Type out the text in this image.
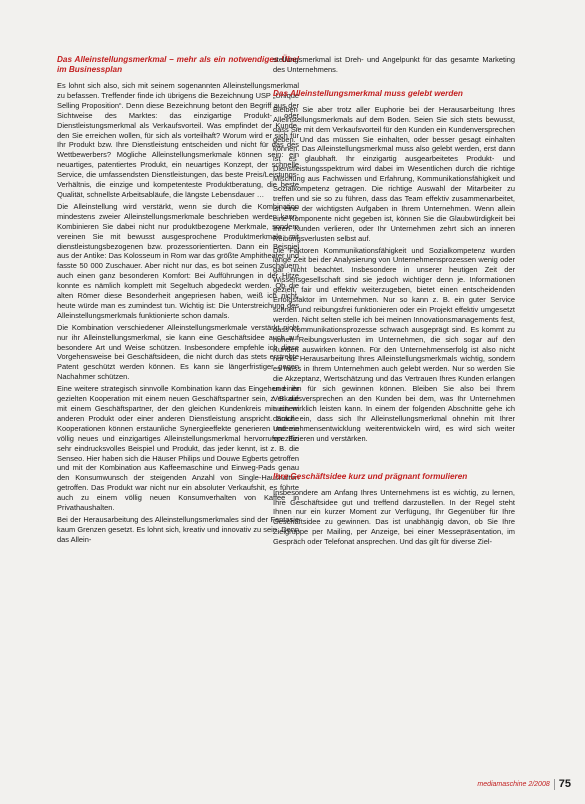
Das Alleinstellungsmerkmal – mehr als ein notwendiges Übel im Businessplan

Es lohnt sich also, sich mit seinem sogenannten Alleinstellungsmerkmal zu befassen. Treffender finde ich übrigens die Bezeichnung USP „Unique Selling Proposition“. Denn diese Bezeichnung betont den Begriff aus der Sichtweise des Marktes: das einzigartige Produkt- oder Dienstleistungsmerkmal als Verkaufsvorteil. Was empfindet der Kunde, den Sie erreichen wollen, für sich als vorteilhaft? Worum wird er sich für Ihr Produkt bzw. Ihre Dienstleistung entscheiden und nicht für das des Wettbewerbers? Mögliche Alleinstellungsmerkmale können sein: ein neuartiges, patentiertes Produkt, ein neuartiges Konzept, der schnelle Service, die umfassendsten Dienstleistungen, das beste Preis/Leistungs-Verhältnis, die einzige und kompetenteste Produktberatung, die beste Qualität, schnellste Arbeitsabläufe, die längste Lebensdauer …

Die Alleinstellung wird verstärkt, wenn sie durch die Kombination mindestens zweier Alleinstellungsmerkmale beschrieben werden kann. Kombinieren Sie dabei nicht nur produktbezogene Merkmale, sondern vereinen Sie mit bewusst ausgesprochene Produktmerkmale mit dienstleistungsbezogenen bzw. prozessorientierten. Dann ein Beispiel aus der Antike: Das Kolosseum in Rom war das größte Amphitheater und fasste 50 000 Zuschauer. Aber nicht nur das, es bot seinen Zuschauern auch einen ganz besonderen Komfort: Bei Aufführungen in der Hitze konnte es nämlich komplett mit Segeltuch abgedeckt werden. Ob die alten Römer diese Besonderheit angepriesen haben, weiß ich nicht, heute würde man es zumindest tun. Wichtig ist: Die Unterstreichung des Alleinstellungsmerkmals funktionierte schon damals.

Die Kombination verschiedener Alleinstellungsmerkmale verstärkt nicht nur ihr Alleinstellungsmerkmal, sie kann eine Geschäftsidee auch auf besondere Art und Weise schützen. Insbesondere empfehle ich diese Vorgehensweise bei Geschäftsideen, die nicht durch das stets erstrebte Patent geschützt werden können. Es kann sie längerfristiger gegen Nachahmer schützen.

Eine weitere strategisch sinnvolle Kombination kann das Eingehen einer gezielten Kooperation mit einem neuen Geschäftspartner sein, z. B. die mit einem Geschäftspartner, der den gleichen Kundenkreis mit einem anderen Produkt oder einer anderen Dienstleistung anspricht. Solche Kooperationen können erstaunliche Synergieeffekte generieren und ein völlig neues und einzigartiges Alleinstellungsmerkmal hervorrufen. Ein sehr eindrucksvolles Beispiel und Produkt, das jeder kennt, ist z. B. die Senseo. Hier haben sich die Häuser Philips und Douwe Egberts getroffen und mit der Kombination aus Kaffeemaschine und Einweg-Pads genau den Konsumwunsch der steigenden Anzahl von Single-Haushalten getroffen. Das Produkt war nicht nur ein absoluter Verkaufshit, es führte auch zu einem völlig neuen Konsumverhalten von Kaffee in Privathaushalten.

Bei der Herausarbeitung des Alleinstellungsmerkmales sind der Fantasie kaum Grenzen gesetzt. Es lohnt sich, kreativ und innovativ zu sein. Denn das Allein-

stellungsmerkmal ist Dreh- und Angelpunkt für das gesamte Marketing des Unternehmens.

Das Alleinstellungsmerkmal muss gelebt werden

Bleiben Sie aber trotz aller Euphorie bei der Herausarbeitung Ihres Alleinstellungsmerkmals auf dem Boden. Seien Sie sich stets bewusst, dass Sie mit dem Verkaufsvorteil für den Kunden ein Kundenversprechen geben. Und das müssen Sie einhalten, oder besser gesagt einhalten können. Das Alleinstellungsmerkmal muss also gelebt werden, erst dann ist es glaubhaft. Ihr einzigartig ausgearbeitetes Produkt- und Dienstleistungsspektrum wird dabei im Wesentlichen durch die richtige Mischung aus Fachwissen und Erfahrung, Kommunikationsfähigkeit und Sozialkompetenz getragen. Die richtige Auswahl der Mitarbeiter zu treffen und sie so zu führen, dass das Team effektiv zusammenarbeitet, ist eine der wichtigsten Aufgaben in Ihrem Unternehmen. Wenn allein eine Komponente nicht gegeben ist, können Sie die Glaubwürdigkeit bei Ihren Kunden verlieren, oder Ihr Unternehmen zehrt sich an inneren Reibungsverlusten selbst auf.

Die Faktoren Kommunikationsfähigkeit und Sozialkompetenz wurden lange Zeit bei der Analysierung von Unternehmensprozessen wenig oder gar nicht beachtet. Insbesondere in unserer heutigen Zeit der Wissensgesellschaft sind sie jedoch wichtiger denn je. Informationen gezielt, fair und effektiv weiterzugeben, bietet einen entscheidenden Erfolgsfaktor im Unternehmen. Nur so kann z. B. ein guter Service schnell und reibungsfrei funktionieren oder ein Projekt effektiv umgesetzt werden. Nicht selten stelle ich bei meinen Innovationsmanagements fest, dass Kommunikationsprozesse schwach ausgeprägt sind. Es kommt zu hohen Reibungsverlusten im Unternehmen, die sich sogar auf den Kunden auswirken können. Für den Unternehmenserfolg ist also nicht nur die Herausarbeitung Ihres Alleinstellungsmerkmals wichtig, sondern es muss in Ihrem Unternehmen auch gelebt werden. Nur so werden Sie die Akzeptanz, Wertschätzung und das Vertrauen Ihres Kunden erlangen und ihn für sich gewinnen können. Bleiben Sie also bei Ihrem Verkaufsversprechen an den Kunden bei dem, was Ihr Unternehmen auch wirklich leisten kann. In einem der folgenden Abschnitte gehe ich darauf ein, dass sich Ihr Alleinstellungsmerkmal ohnehin mit Ihrer Unternehmensentwicklung weiterentwickeln wird, es wird sich weiter spezifizieren und verstärken.

Ihre Geschäftsidee kurz und prägnant formulieren

Insbesondere am Anfang Ihres Unternehmens ist es wichtig, zu lernen, Ihre Geschäftsidee gut und treffend darzustellen. In der Regel steht Ihnen nur ein kurzer Moment zur Verfügung, Ihr Gegenüber für Ihre Geschäftsidee zu gewinnen. Das ist unabhängig davon, ob Sie Ihre Zielgruppe per Mailing, per Anzeige, bei einer Messepräsentation, im Gespräch oder Telefonat ansprechen. Und das gilt für diverse Ziel-

mediamaschine 2/2008 75
